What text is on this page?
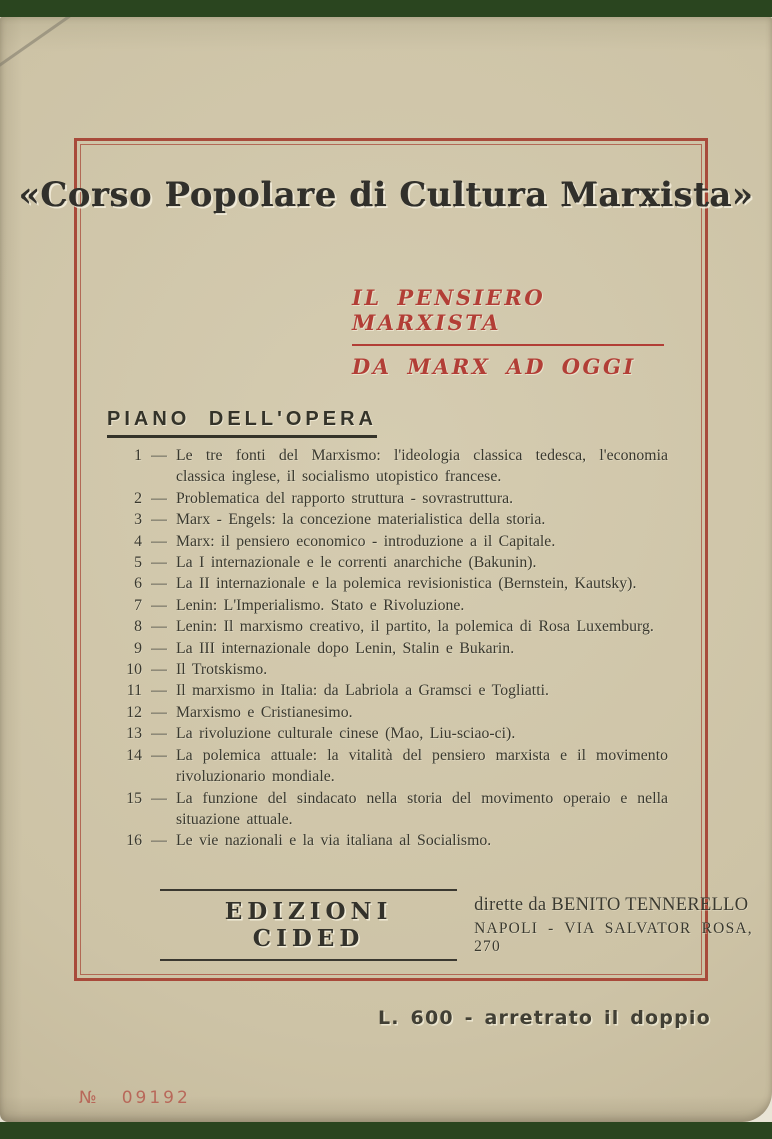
«Corso Popolare di Cultura Marxista»
IL PENSIERO MARXISTA
DA MARX AD OGGI
PIANO DELL'OPERA
1 — Le tre fonti del Marxismo: l'ideologia classica tedesca, l'economia classica inglese, il socialismo utopistico francese.
2 — Problematica del rapporto struttura - sovrastruttura.
3 — Marx - Engels: la concezione materialistica della storia.
4 — Marx: il pensiero economico - introduzione a il Capitale.
5 — La I internazionale e le correnti anarchiche (Bakunin).
6 — La II internazionale e la polemica revisionistica (Bernstein, Kautsky).
7 — Lenin: L'Imperialismo. Stato e Rivoluzione.
8 — Lenin: Il marxismo creativo, il partito, la polemica di Rosa Luxemburg.
9 — La III internazionale dopo Lenin, Stalin e Bukarin.
10 — Il Trotskismo.
11 — Il marxismo in Italia: da Labriola a Gramsci e Togliatti.
12 — Marxismo e Cristianesimo.
13 — La rivoluzione culturale cinese (Mao, Liu-sciao-ci).
14 — La polemica attuale: la vitalità del pensiero marxista e il movimento rivoluzionario mondiale.
15 — La funzione del sindacato nella storia del movimento operaio e nella situazione attuale.
16 — Le vie nazionali e la via italiana al Socialismo.
EDIZIONI CIDED
dirette da BENITO TENNERELLO
NAPOLI - VIA SALVATOR ROSA, 270
L. 600 - arretrato il doppio
№ 09192
